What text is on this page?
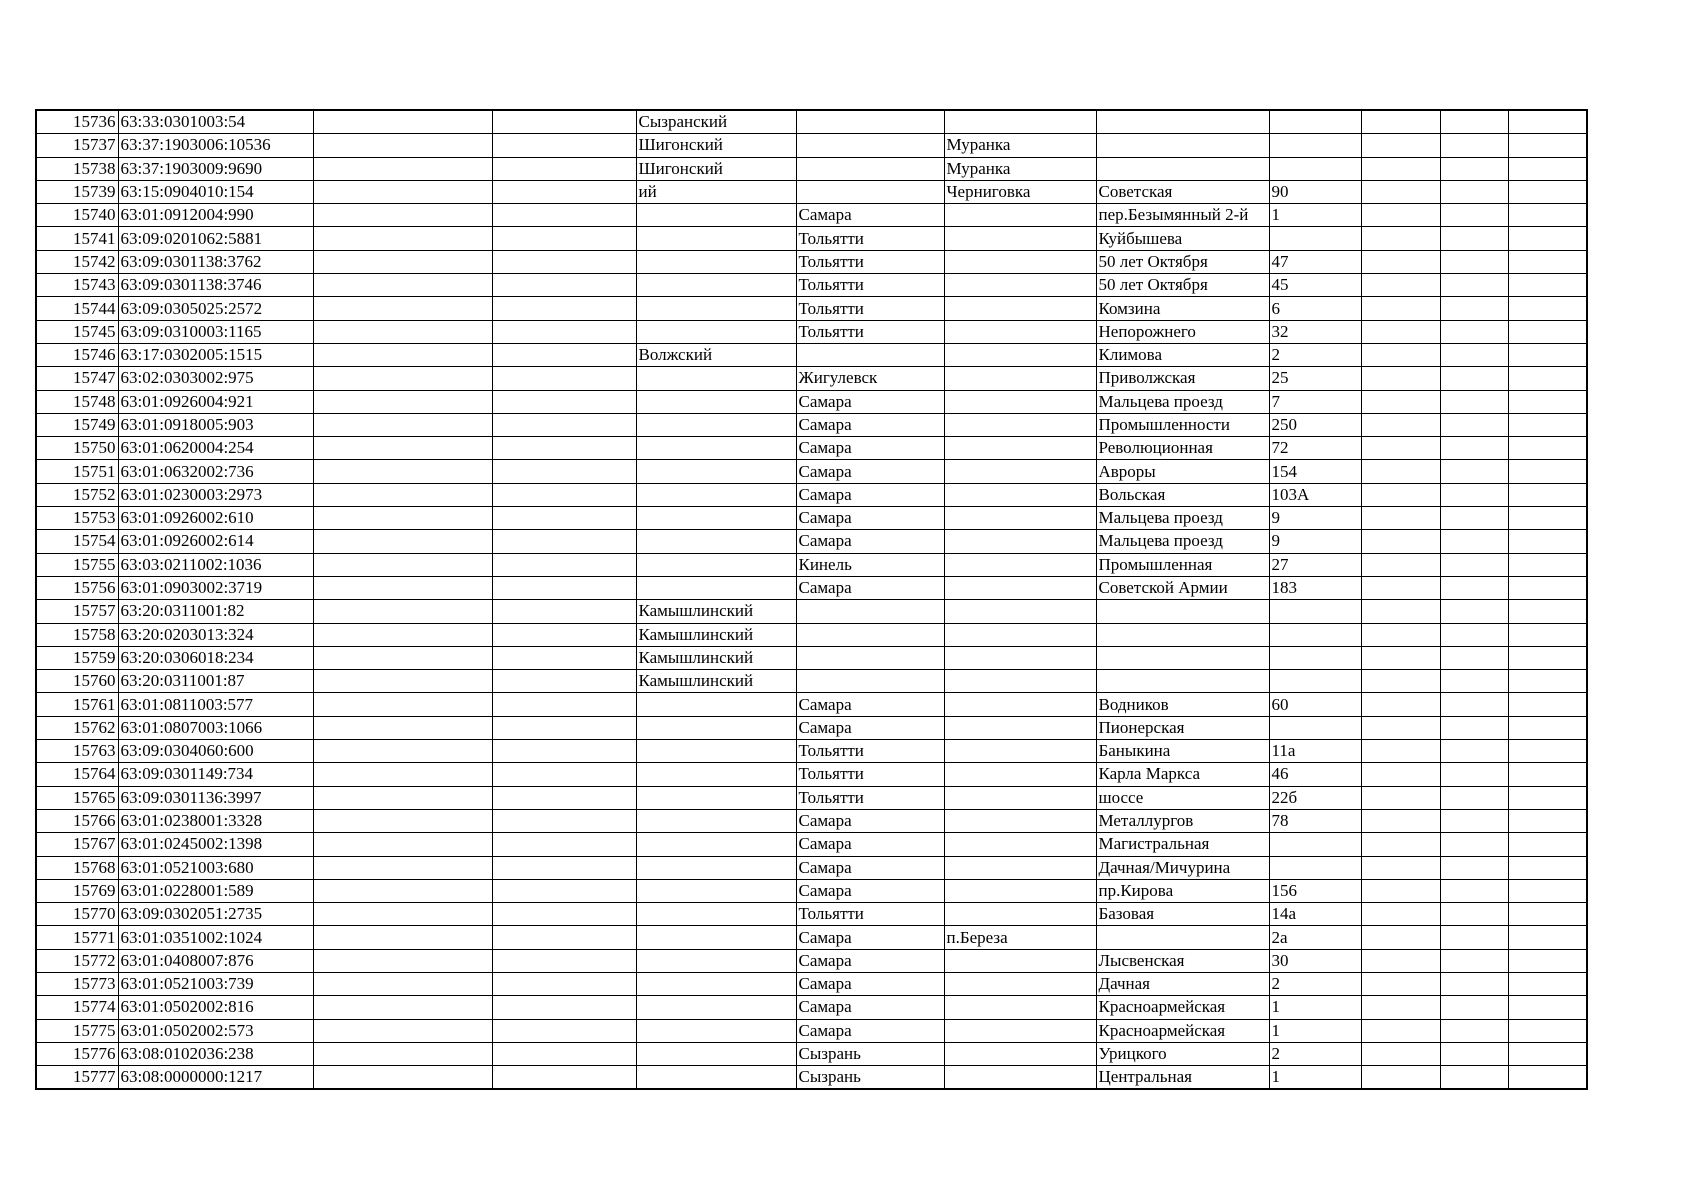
15736	63:33:0301003:54			Сызранский							
15737	63:37:1903006:10536			Шигонский		Муранка					
15738	63:37:1903009:9690			Шигонский		Муранка					
15739	63:15:0904010:154			ий		Черниговка	Советская	90			
15740	63:01:0912004:990				Самара		пер.Безымянный 2-й	1			
15741	63:09:0201062:5881				Тольятти		Куйбышева				
15742	63:09:0301138:3762				Тольятти		50 лет Октября	47			
15743	63:09:0301138:3746				Тольятти		50 лет Октября	45			
15744	63:09:0305025:2572				Тольятти		Комзина	6			
15745	63:09:0310003:1165				Тольятти		Непорожнего	32			
15746	63:17:0302005:1515			Волжский			Климова	2			
15747	63:02:0303002:975				Жигулевск		Приволжская	25			
15748	63:01:0926004:921				Самара		Мальцева проезд	7			
15749	63:01:0918005:903				Самара		Промышленности	250			
15750	63:01:0620004:254				Самара		Революционная	72			
15751	63:01:0632002:736				Самара		Авроры	154			
15752	63:01:0230003:2973				Самара		Вольская	103А			
15753	63:01:0926002:610				Самара		Мальцева проезд	9			
15754	63:01:0926002:614				Самара		Мальцева проезд	9			
15755	63:03:0211002:1036				Кинель		Промышленная	27			
15756	63:01:0903002:3719				Самара		Советской Армии	183			
15757	63:20:0311001:82			Камышлинский							
15758	63:20:0203013:324			Камышлинский							
15759	63:20:0306018:234			Камышлинский							
15760	63:20:0311001:87			Камышлинский							
15761	63:01:0811003:577				Самара		Водников	60			
15762	63:01:0807003:1066				Самара		Пионерская				
15763	63:09:0304060:600				Тольятти		Баныкина	11а			
15764	63:09:0301149:734				Тольятти		Карла Маркса	46			
15765	63:09:0301136:3997				Тольятти		шоссе	22б			
15766	63:01:0238001:3328				Самара		Металлургов	78			
15767	63:01:0245002:1398				Самара		Магистральная				
15768	63:01:0521003:680				Самара		Дачная/Мичурина				
15769	63:01:0228001:589				Самара		пр.Кирова	156			
15770	63:09:0302051:2735				Тольятти		Базовая	14а			
15771	63:01:0351002:1024				Самара	п.Береза		2а			
15772	63:01:0408007:876				Самара		Лысвенская	30			
15773	63:01:0521003:739				Самара		Дачная	2			
15774	63:01:0502002:816				Самара		Красноармейская	1			
15775	63:01:0502002:573				Самара		Красноармейская	1			
15776	63:08:0102036:238				Сызрань		Урицкого	2			
15777	63:08:0000000:1217				Сызрань		Центральная	1			
